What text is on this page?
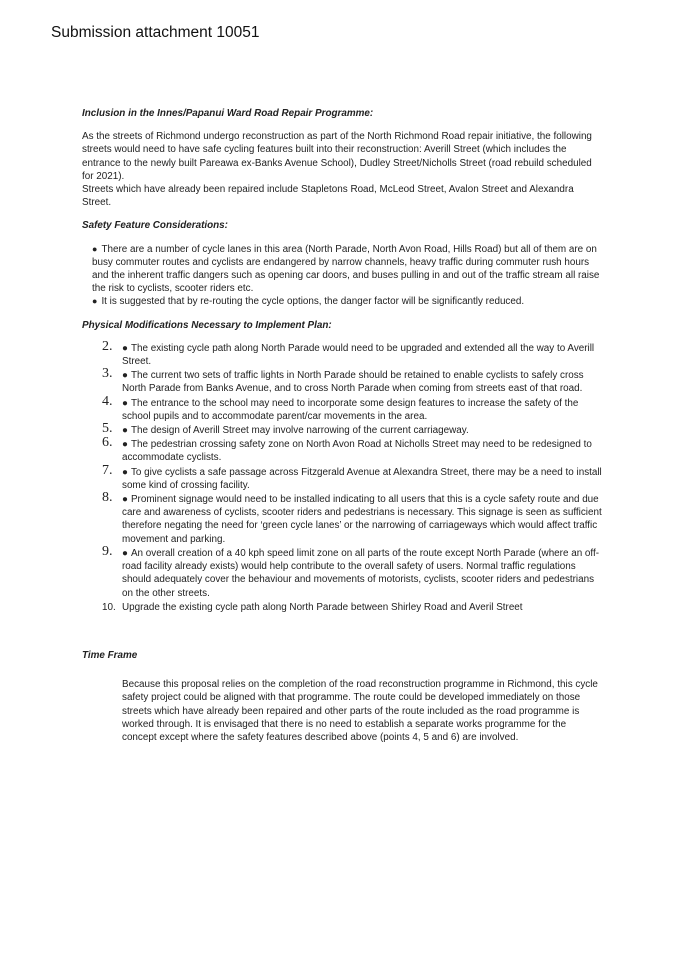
Submission attachment 10051

Inclusion in the Innes/Papanui Ward Road Repair Programme:

As the streets of Richmond undergo reconstruction as part of the North Richmond Road repair initiative, the following streets would need to have safe cycling features built into their reconstruction: Averill Street (which includes the entrance to the newly built Pareawa ex-Banks Avenue School), Dudley Street/Nicholls Street (road rebuild scheduled for 2021).

Streets which have already been repaired include Stapletons Road, McLeod Street, Avalon Street and Alexandra Street.

Safety Feature Considerations:

● There are a number of cycle lanes in this area (North Parade, North Avon Road, Hills Road) but all of them are on busy commuter routes and cyclists are endangered by narrow channels, heavy traffic during commuter rush hours and the inherent traffic dangers such as opening car doors, and buses pulling in and out of the traffic stream all raise the risk to cyclists, scooter riders etc.
● It is suggested that by re-routing the cycle options, the danger factor will be significantly reduced.

Physical Modifications Necessary to Implement Plan:

2. ● The existing cycle path along North Parade would need to be upgraded and extended all the way to Averill Street.
3. ● The current two sets of traffic lights in North Parade should be retained to enable cyclists to safely cross North Parade from Banks Avenue, and to cross North Parade when coming from streets east of that road.
4. ● The entrance to the school may need to incorporate some design features to increase the safety of the school pupils and to accommodate parent/car movements in the area.
5. ● The design of Averill Street may involve narrowing of the current carriageway.
6. ● The pedestrian crossing safety zone on North Avon Road at Nicholls Street may need to be redesigned to accommodate cyclists.
7. ● To give cyclists a safe passage across Fitzgerald Avenue at Alexandra Street, there may be a need to install some kind of crossing facility.
8. ● Prominent signage would need to be installed indicating to all users that this is a cycle safety route and due care and awareness of cyclists, scooter riders and pedestrians is necessary. This signage is seen as sufficient therefore negating the need for ‘green cycle lanes’ or the narrowing of carriageways which would affect traffic movement and parking.
9. ● An overall creation of a 40 kph speed limit zone on all parts of the route except North Parade (where an off-road facility already exists) would help contribute to the overall safety of users. Normal traffic regulations should adequately cover the behaviour and movements of motorists, cyclists, scooter riders and pedestrians on the other streets.
10. Upgrade the existing cycle path along North Parade between Shirley Road and Averil Street

Time Frame

Because this proposal relies on the completion of the road reconstruction programme in Richmond, this cycle safety project could be aligned with that programme. The route could be developed immediately on those streets which have already been repaired and other parts of the route included as the road programme is worked through. It is envisaged that there is no need to establish a separate works programme for the concept except where the safety features described above (points 4, 5 and 6) are involved.
